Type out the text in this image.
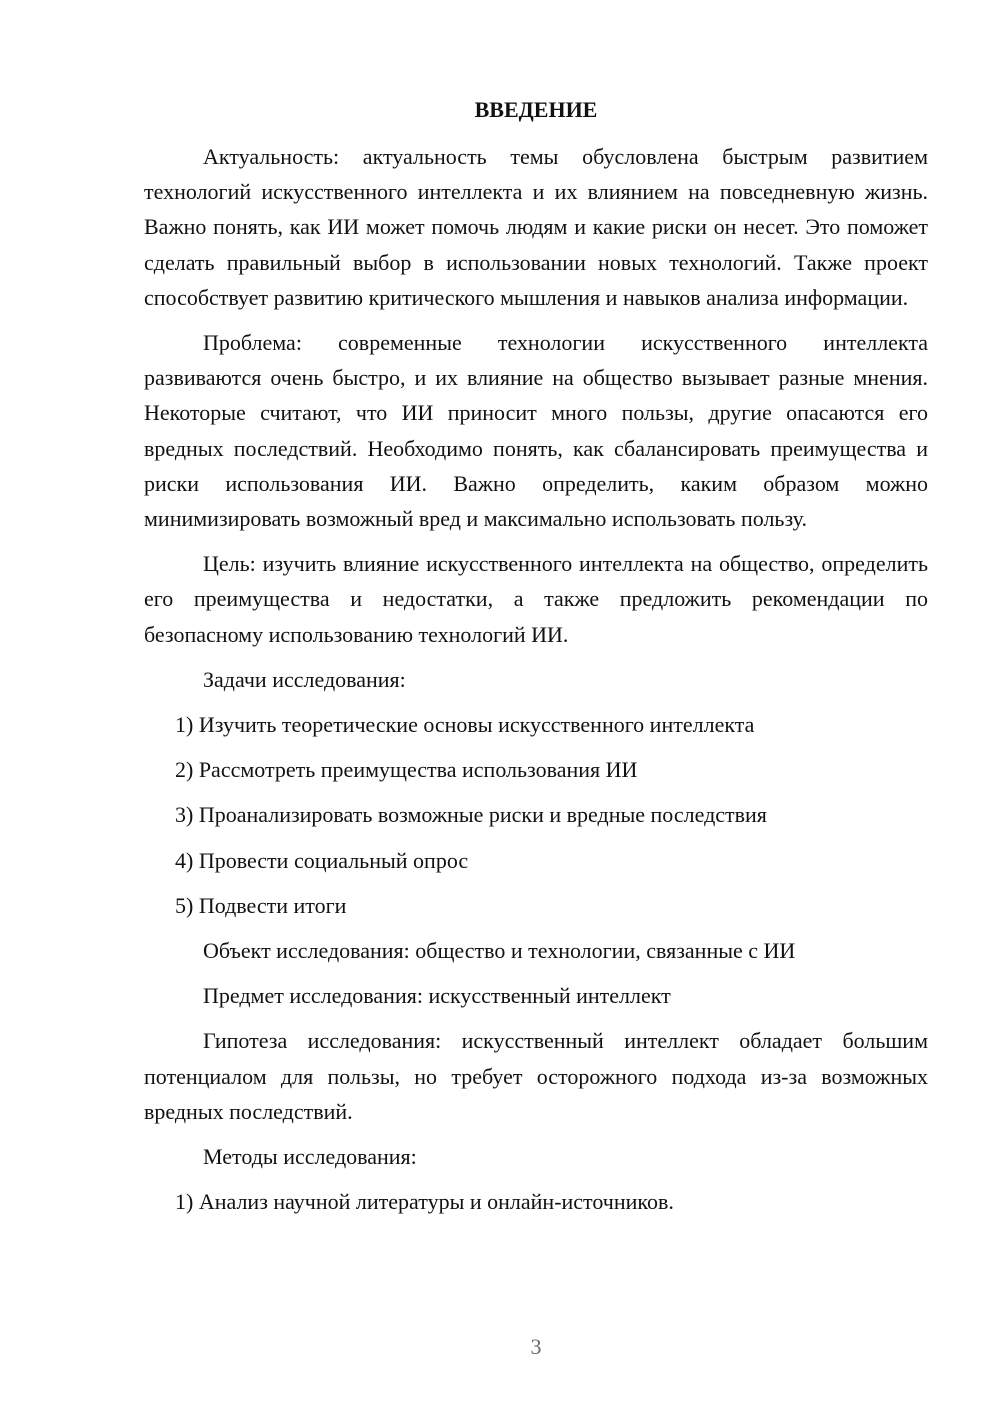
ВВЕДЕНИЕ

Актуальность: актуальность темы обусловлена быстрым развитием технологий искусственного интеллекта и их влиянием на повседневную жизнь. Важно понять, как ИИ может помочь людям и какие риски он несет. Это поможет сделать правильный выбор в использовании новых технологий. Также проект способствует развитию критического мышления и навыков анализа информации.

Проблема: современные технологии искусственного интеллекта развиваются очень быстро, и их влияние на общество вызывает разные мнения. Некоторые считают, что ИИ приносит много пользы, другие опасаются его вредных последствий. Необходимо понять, как сбалансировать преимущества и риски использования ИИ. Важно определить, каким образом можно минимизировать возможный вред и максимально использовать пользу.

Цель: изучить влияние искусственного интеллекта на общество, определить его преимущества и недостатки, а также предложить рекомендации по безопасному использованию технологий ИИ.

Задачи исследования:

1) Изучить теоретические основы искусственного интеллекта
2) Рассмотреть преимущества использования ИИ
3) Проанализировать возможные риски и вредные последствия
4) Провести социальный опрос
5) Подвести итоги

Объект исследования: общество и технологии, связанные с ИИ

Предмет исследования: искусственный интеллект

Гипотеза исследования: искусственный интеллект обладает большим потенциалом для пользы, но требует осторожного подхода из-за возможных вредных последствий.

Методы исследования:

1) Анализ научной литературы и онлайн-источников.
3
